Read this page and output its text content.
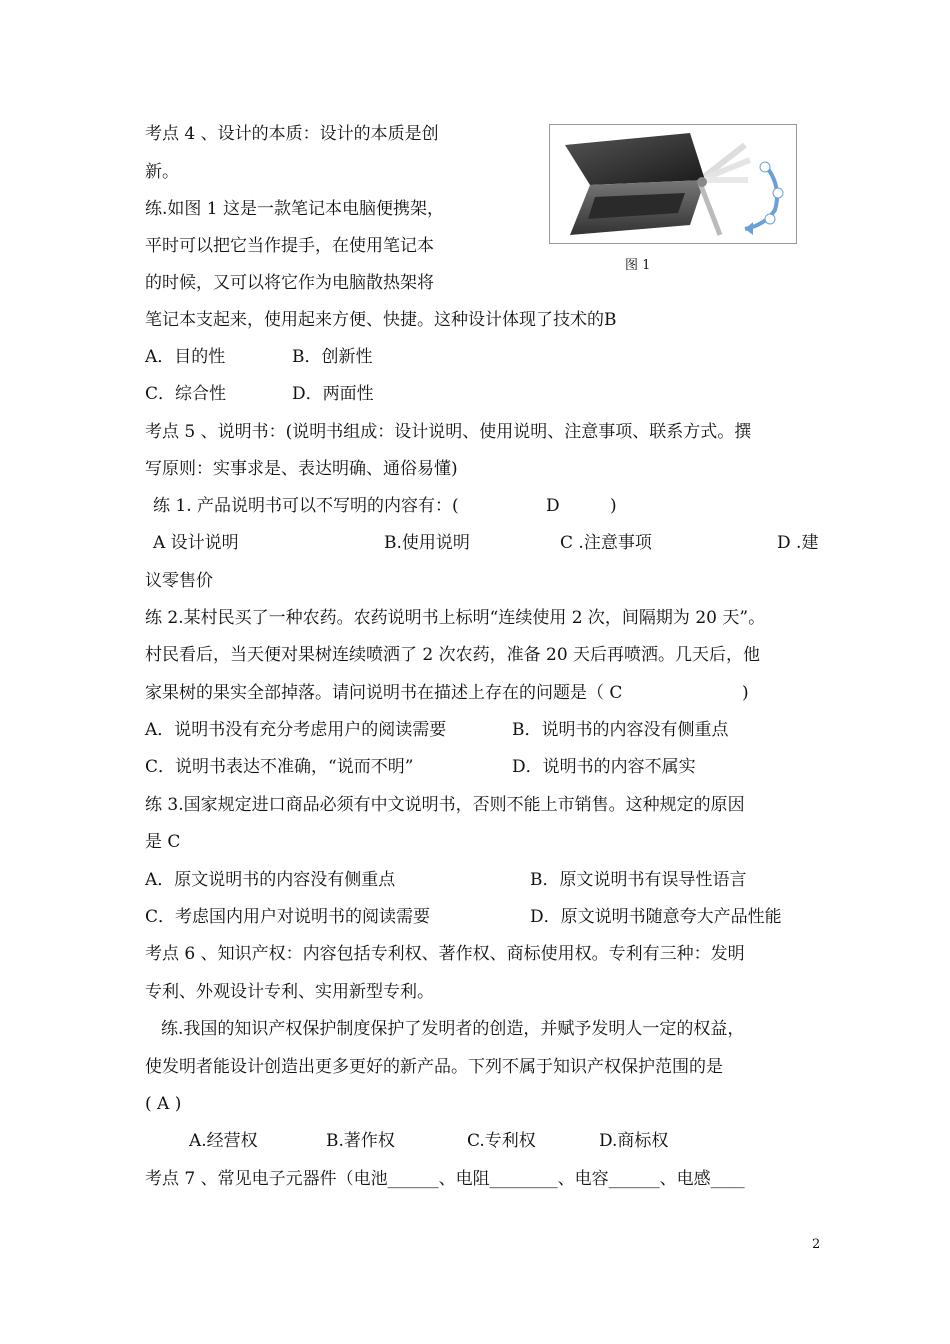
图 1
考点 4 、设计的本质：设计的本质是创
新。
练.如图 1 这是一款笔记本电脑便携架，
平时可以把它当作提手，在使用笔记本
的时候，又可以将它作为电脑散热架将
笔记本支起来，使用起来方便、快捷。这种设计体现了技术的B
A．目的性	B．创新性
C．综合性	D．两面性
考点 5 、说明书：(说明书组成：设计说明、使用说明、注意事项、联系方式。撰
写原则：实事求是、表达明确、通俗易懂)
练 1. 产品说明书可以不写明的内容有：(	D	)
A 设计说明	B.使用说明	C .注意事项	D .建
议零售价
练 2.某村民买了一种农药。农药说明书上标明“连续使用 2 次，间隔期为 20 天”。
村民看后，当天便对果树连续喷洒了 2 次农药，准备 20 天后再喷洒。几天后，他
家果树的果实全部掉落。请问说明书在描述上存在的问题是（ C	)
A．说明书没有充分考虑用户的阅读需要	B．说明书的内容没有侧重点
C．说明书表达不准确，“说而不明”	D．说明书的内容不属实
练 3.国家规定进口商品必须有中文说明书，否则不能上市销售。这种规定的原因
是 C
A．原文说明书的内容没有侧重点	B．原文说明书有误导性语言
C．考虑国内用户对说明书的阅读需要	D．原文说明书随意夸大产品性能
考点 6 、知识产权：内容包括专利权、著作权、商标使用权。专利有三种：发明
专利、外观设计专利、实用新型专利。
练.我国的知识产权保护制度保护了发明者的创造，并赋予发明人一定的权益，
使发明者能设计创造出更多更好的新产品。下列不属于知识产权保护范围的是
( A )
A.经营权	B.著作权	C.专利权	D.商标权
考点 7 、常见电子元器件（电池______、电阻________、电容______、电感____
2
